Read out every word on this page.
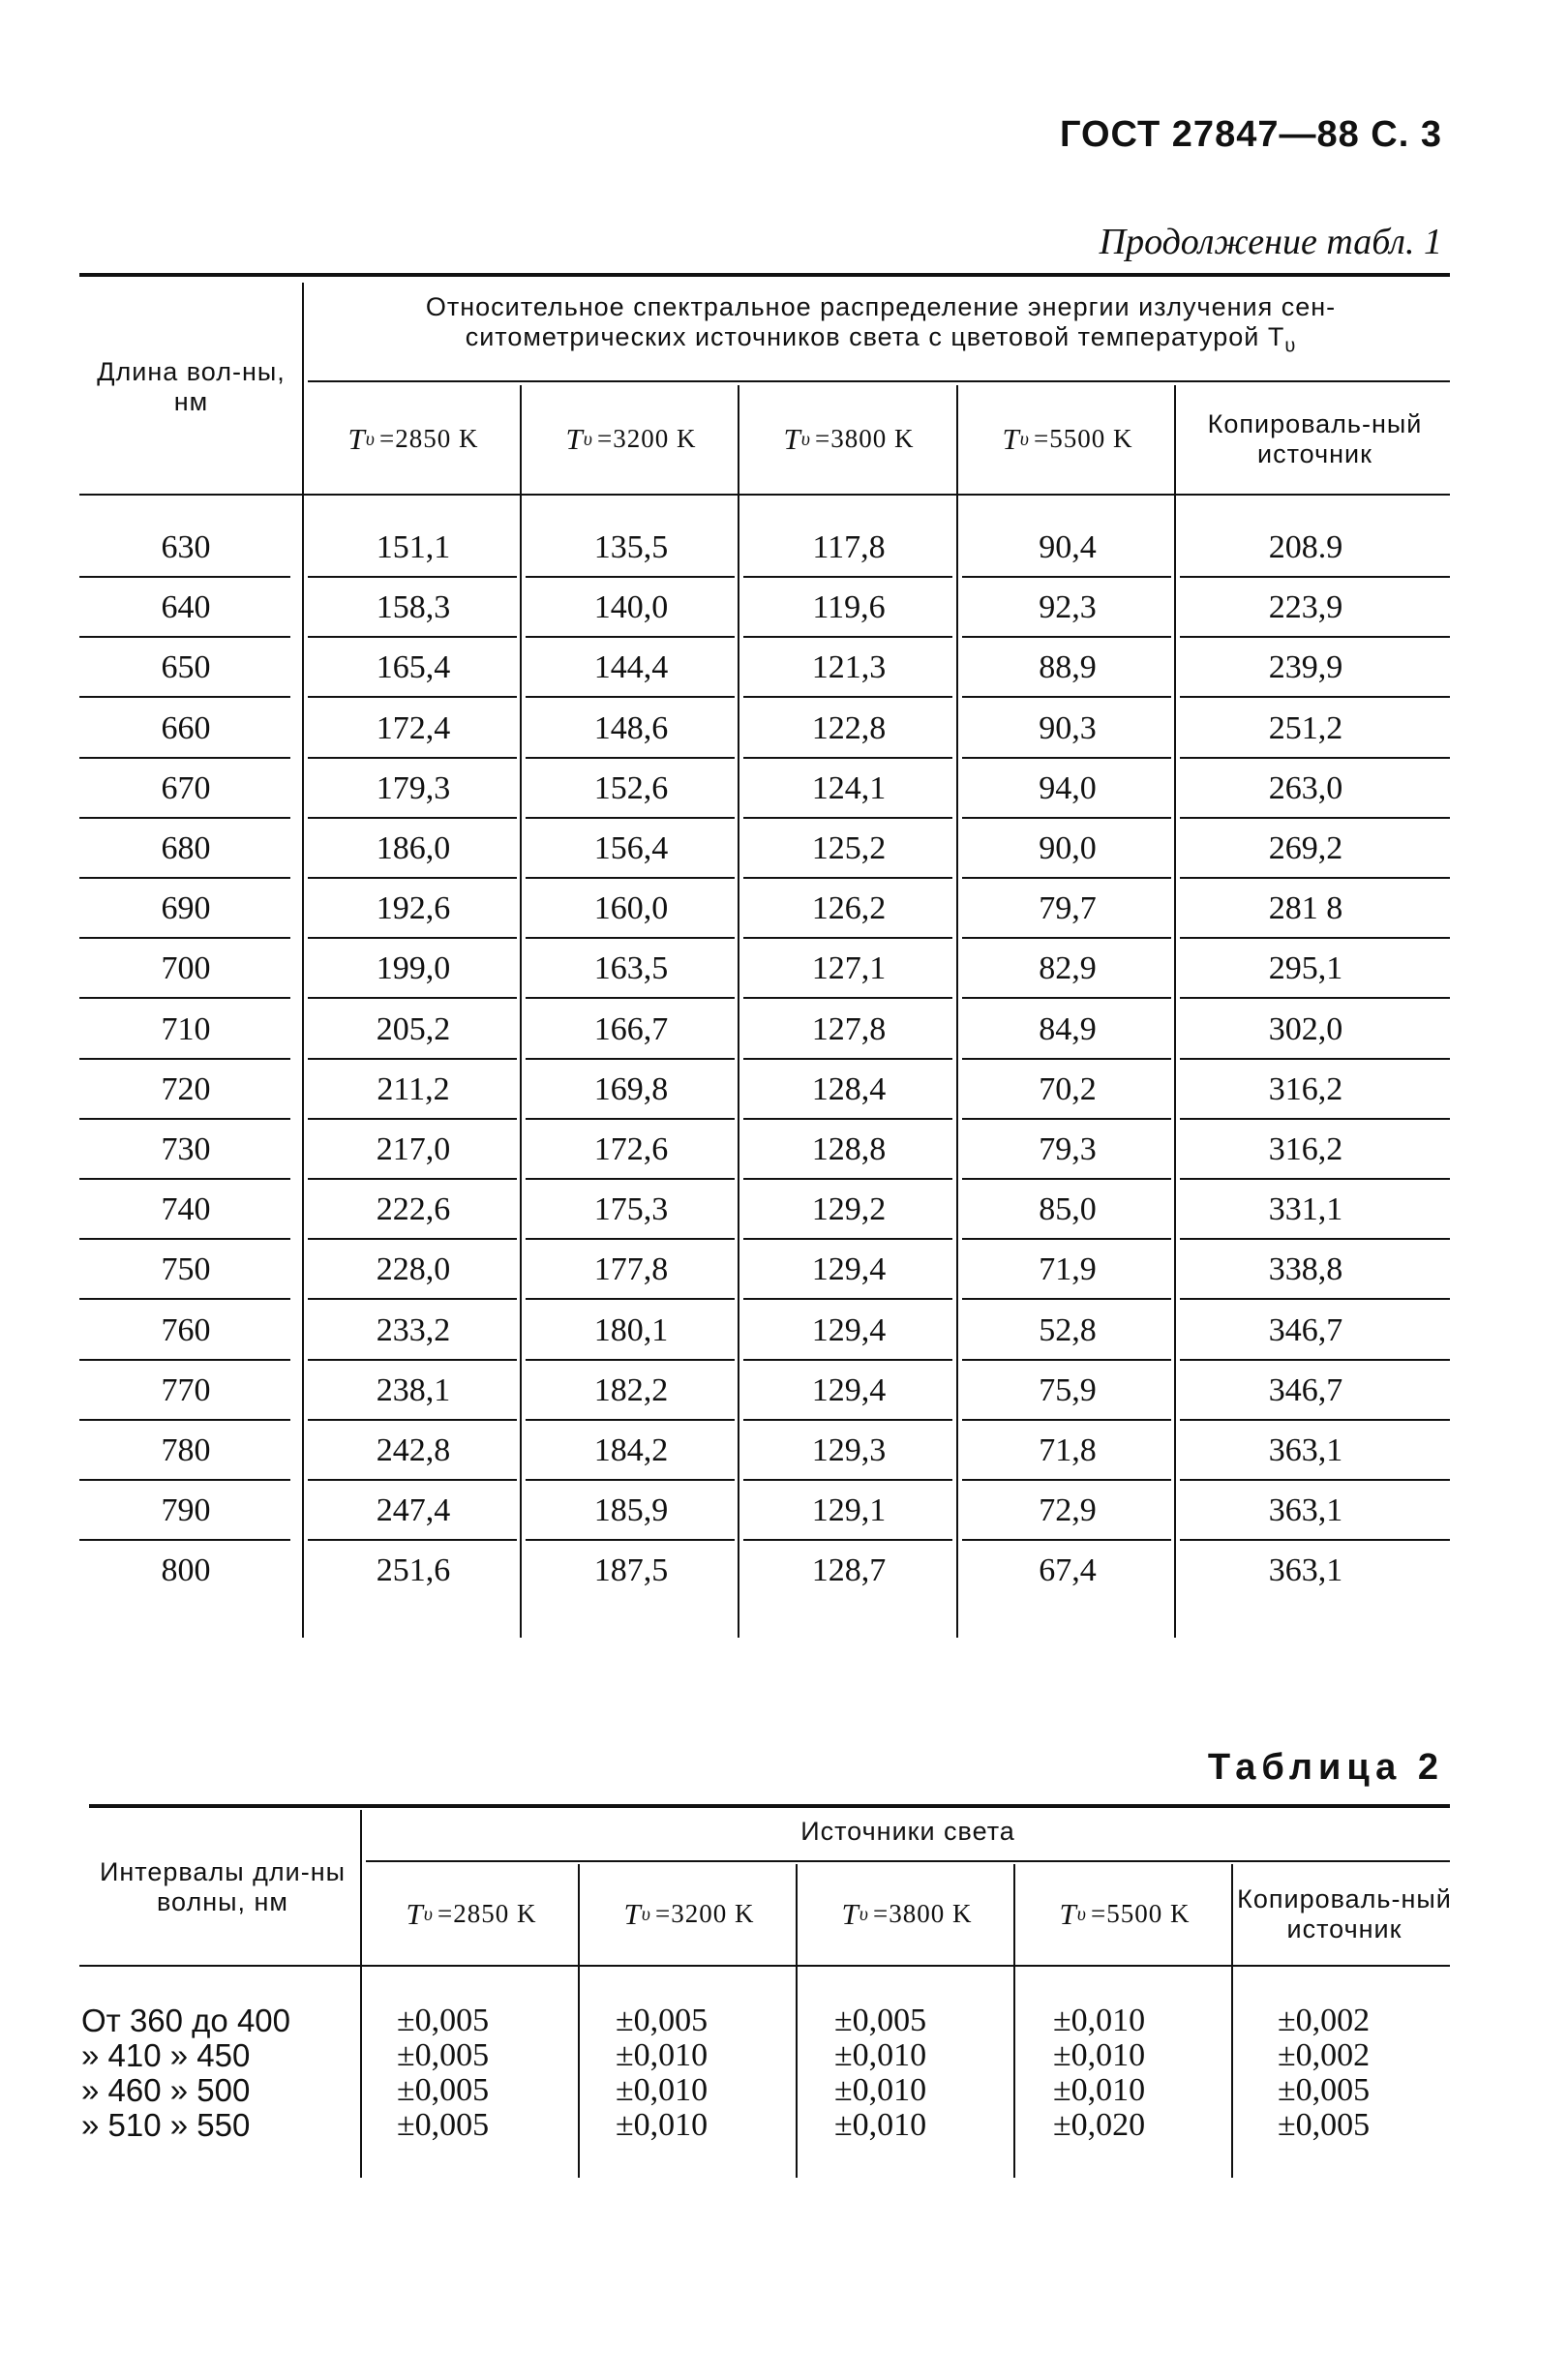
ГОСТ 27847—88 С. 3
Продолжение табл. 1
Длина вол-ны, нм
Относительное спектральное распределение энергии излучения сен-ситометрических источников света с цветовой температурой $T_\upsilon$
T υ =2850 K	T υ =3200 K	T υ =3800 K	T υ =5500 K
Копироваль-ный источник
630	151,1	135,5	117,8	90,4	208.9
640	158,3	140,0	119,6	92,3	223,9
650	165,4	144,4	121,3	88,9	239,9
660	172,4	148,6	122,8	90,3	251,2
670	179,3	152,6	124,1	94,0	263,0
680	186,0	156,4	125,2	90,0	269,2
690	192,6	160,0	126,2	79,7	281 8
700	199,0	163,5	127,1	82,9	295,1
710	205,2	166,7	127,8	84,9	302,0
720	211,2	169,8	128,4	70,2	316,2
730	217,0	172,6	128,8	79,3	316,2
740	222,6	175,3	129,2	85,0	331,1
750	228,0	177,8	129,4	71,9	338,8
760	233,2	180,1	129,4	52,8	346,7
770	238,1	182,2	129,4	75,9	346,7
780	242,8	184,2	129,3	71,8	363,1
790	247,4	185,9	129,1	72,9	363,1
800	251,6	187,5	128,7	67,4	363,1
Таблица 2
Интервалы дли-ны волны, нм
Источники света
T υ =2850 K	T υ =3200 K	T υ =3800 K	T υ =5500 K
Копироваль-ный источник
От 360 до 400	±0,005	±0,005	±0,005	±0,010	±0,002
» 410 » 450	±0,005	±0,010	±0,010	±0,010	±0,002
» 460 » 500	±0,005	±0,010	±0,010	±0,010	±0,005
» 510 » 550	±0,005	±0,010	±0,010	±0,020	±0,005
